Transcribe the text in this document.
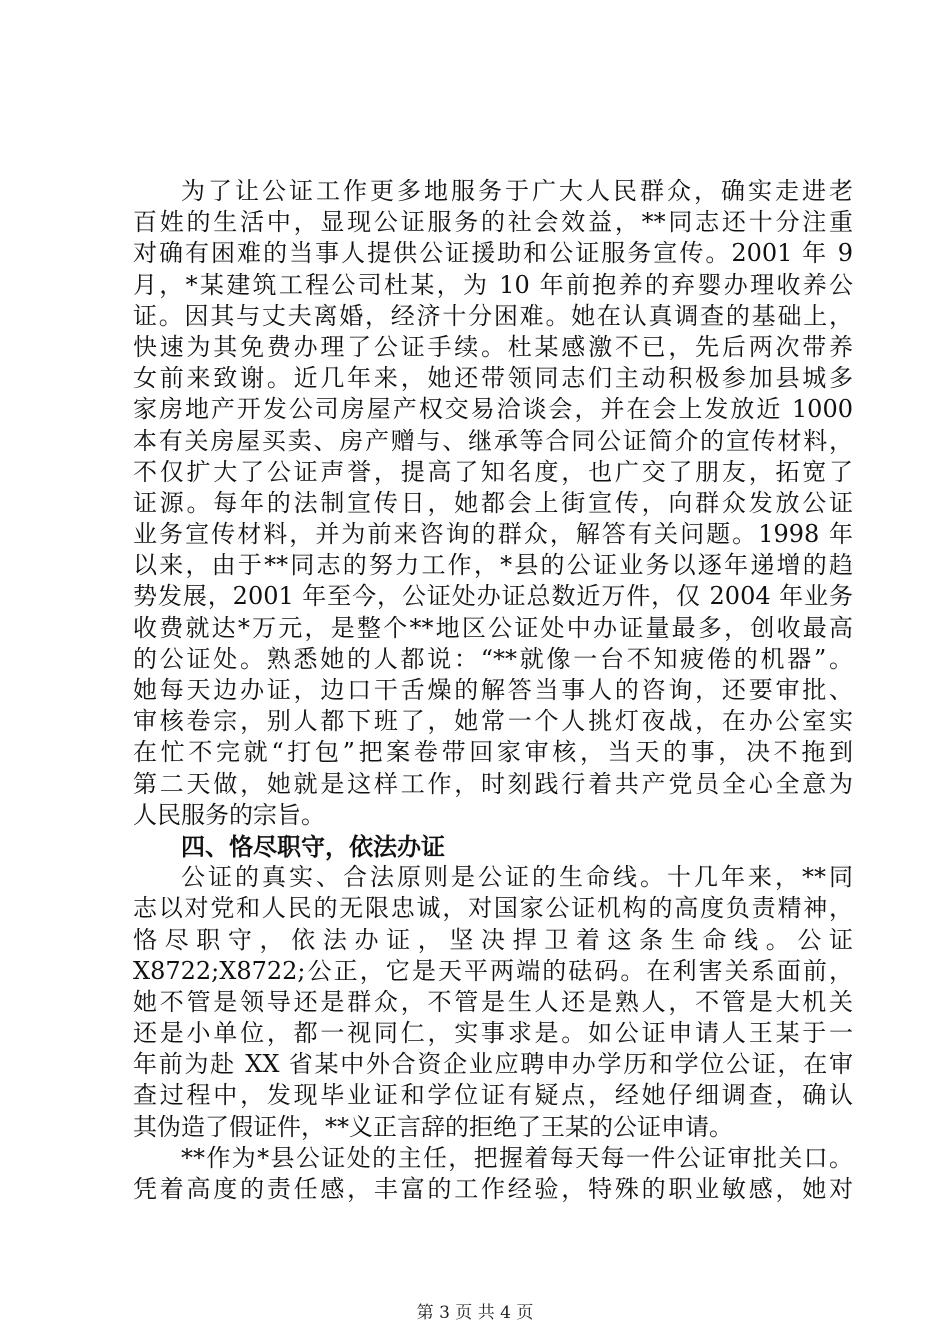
为了让公证工作更多地服务于广大人民群众，确实走进老
百姓的生活中，显现公证服务的社会效益，**同志还十分注重
对确有困难的当事人提供公证援助和公证服务宣传。2001 年 9
月，*某建筑工程公司杜某，为 10 年前抱养的弃婴办理收养公
证。因其与丈夫离婚，经济十分困难。她在认真调查的基础上，
快速为其免费办理了公证手续。杜某感激不已，先后两次带养
女前来致谢。近几年来，她还带领同志们主动积极参加县城多
家房地产开发公司房屋产权交易洽谈会，并在会上发放近 1000
本有关房屋买卖、房产赠与、继承等合同公证简介的宣传材料，
不仅扩大了公证声誉，提高了知名度，也广交了朋友，拓宽了
证源。每年的法制宣传日，她都会上街宣传，向群众发放公证
业务宣传材料，并为前来咨询的群众，解答有关问题。1998 年
以来，由于**同志的努力工作，*县的公证业务以逐年递增的趋
势发展，2001 年至今，公证处办证总数近万件，仅 2004 年业务
收费就达*万元，是整个**地区公证处中办证量最多，创收最高
的公证处。熟悉她的人都说：“**就像一台不知疲倦的机器”。
她每天边办证，边口干舌燥的解答当事人的咨询，还要审批、
审核卷宗，别人都下班了，她常一个人挑灯夜战，在办公室实
在忙不完就“打包”把案卷带回家审核，当天的事，决不拖到
第二天做，她就是这样工作，时刻践行着共产党员全心全意为
人民服务的宗旨。
四、恪尽职守，依法办证
公证的真实、合法原则是公证的生命线。十几年来，**同
志以对党和人民的无限忠诚，对国家公证机构的高度负责精神，
恪尽职守，依法办证，坚决捍卫着这条生命线。公证
X8722;X8722;公正，它是天平两端的砝码。在利害关系面前，
她不管是领导还是群众，不管是生人还是熟人，不管是大机关
还是小单位，都一视同仁，实事求是。如公证申请人王某于一
年前为赴 XX 省某中外合资企业应聘申办学历和学位公证，在审
查过程中，发现毕业证和学位证有疑点，经她仔细调查，确认
其伪造了假证件，**义正言辞的拒绝了王某的公证申请。
**作为*县公证处的主任，把握着每天每一件公证审批关口。
凭着高度的责任感，丰富的工作经验，特殊的职业敏感，她对
第 3 页 共 4 页
